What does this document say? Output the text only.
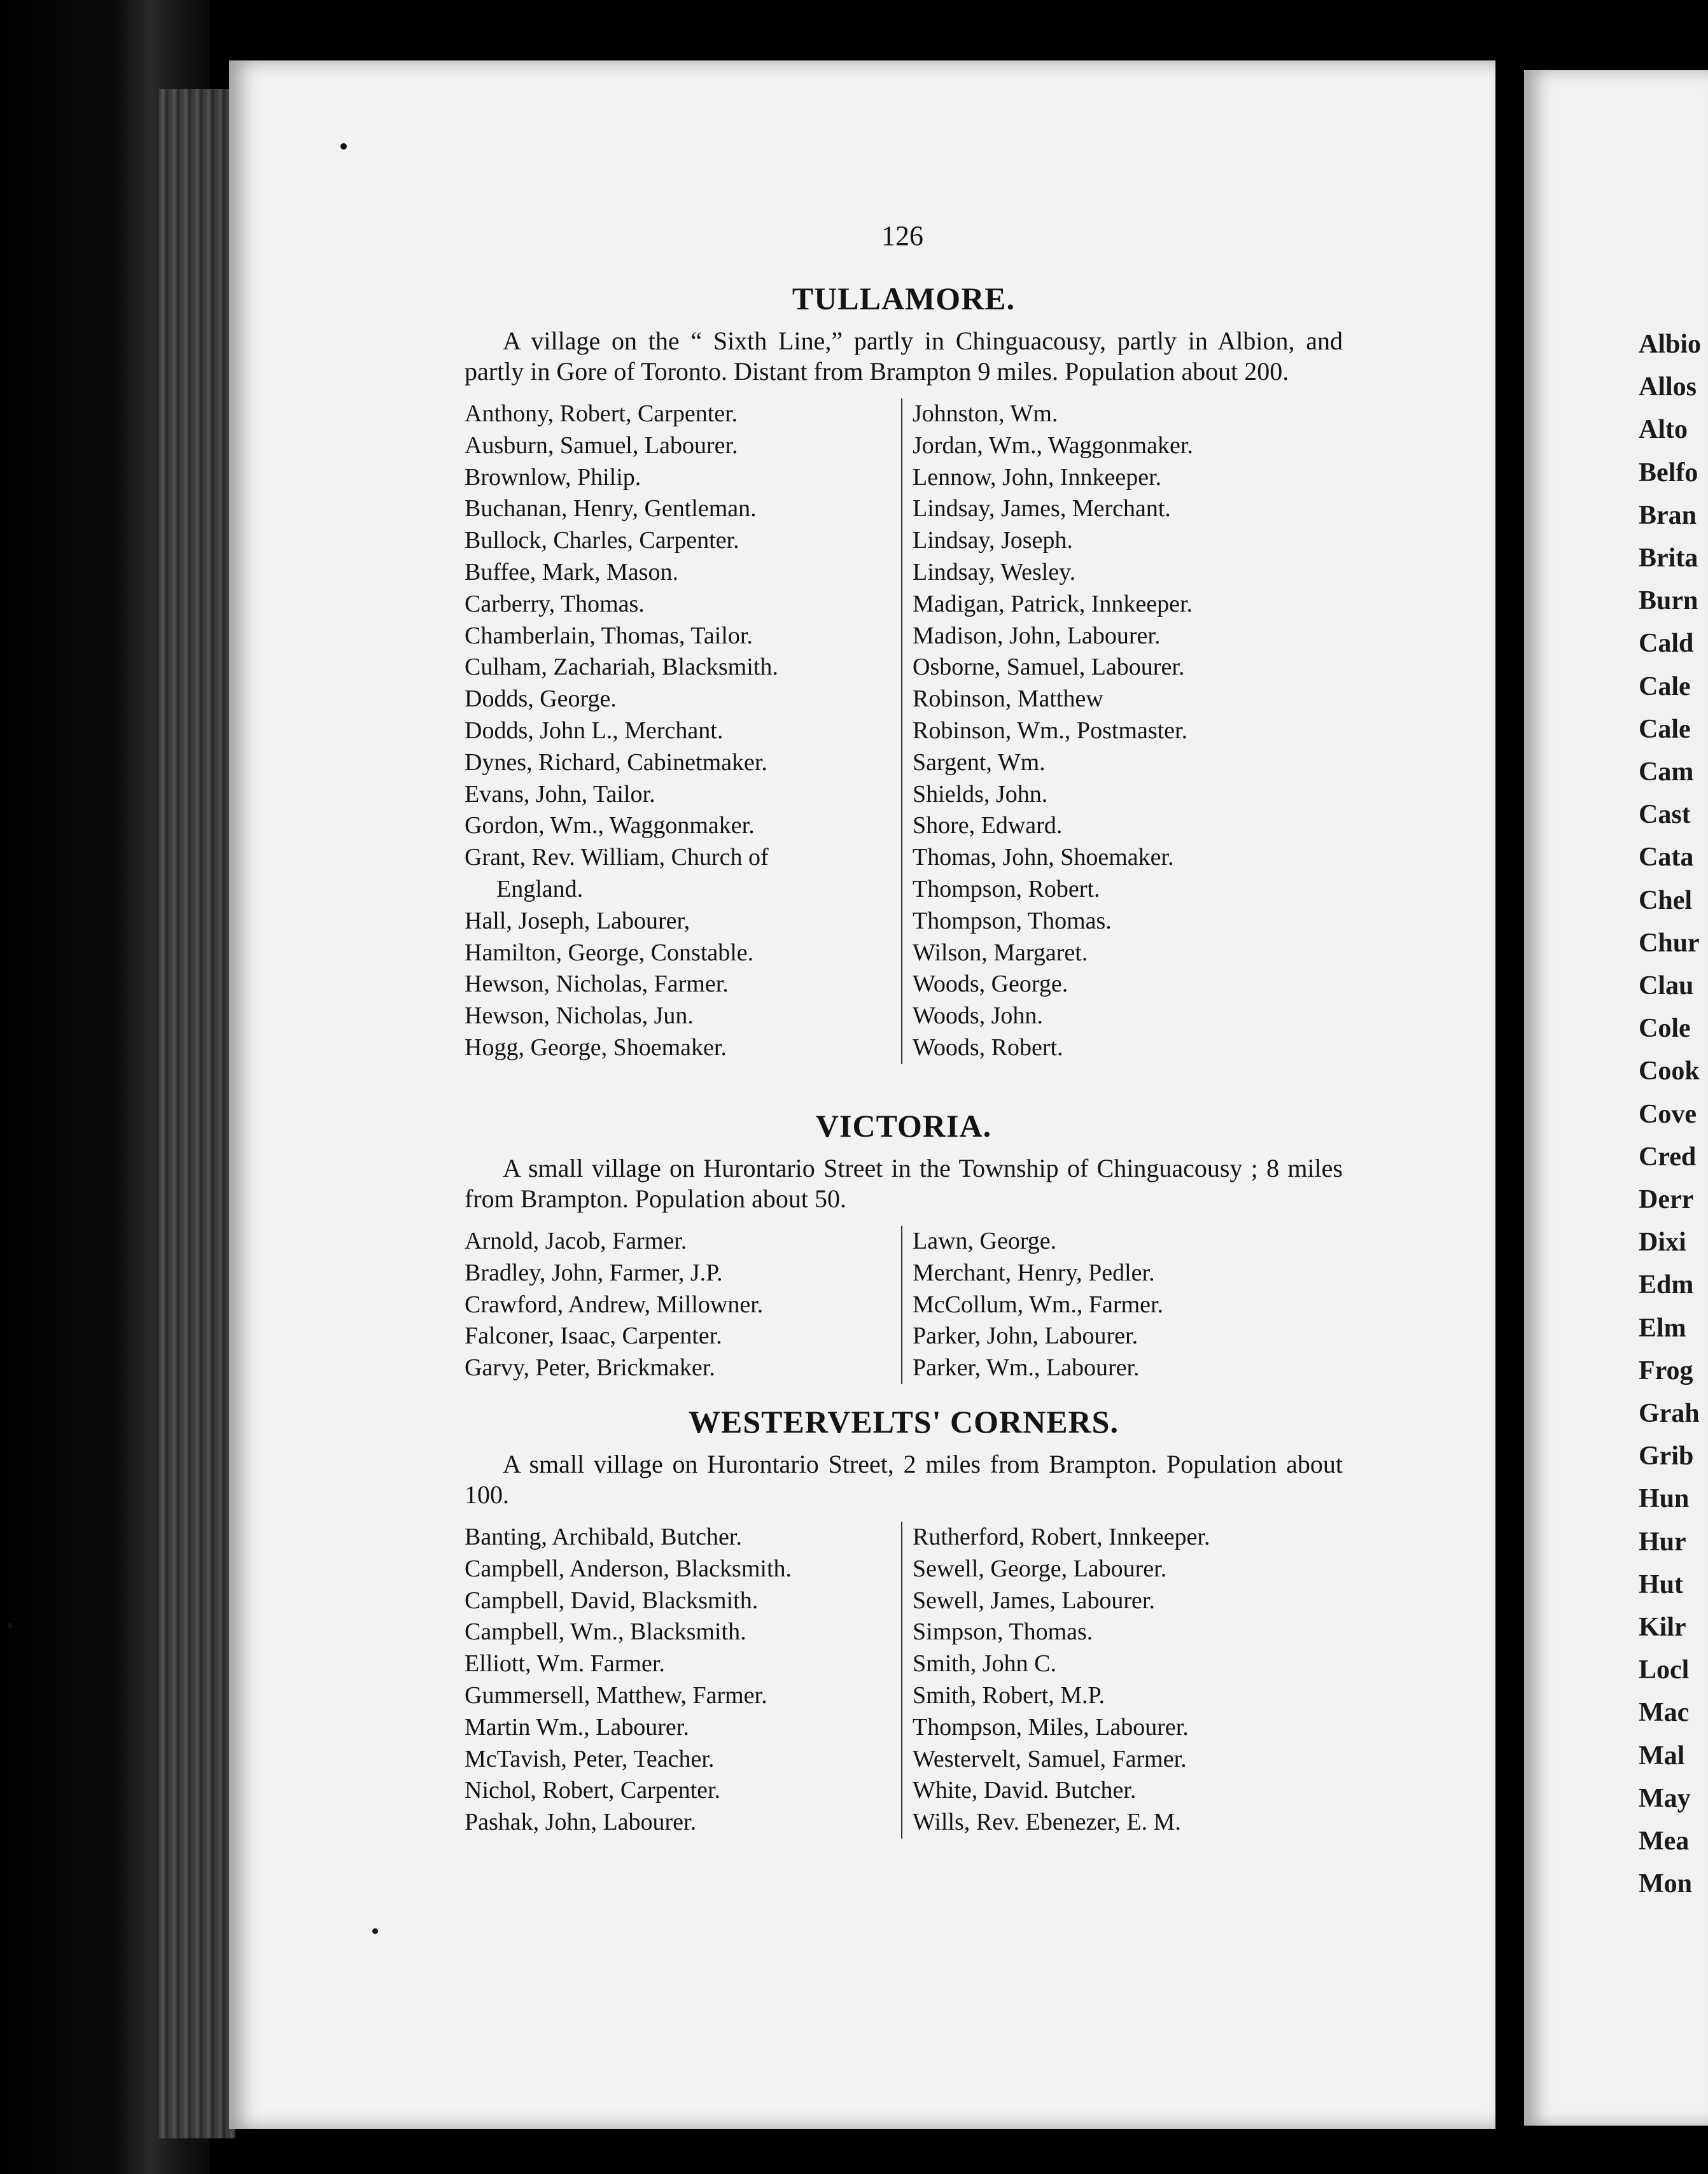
Albio
Allos
Alto
Belfo
Bran
Brita
Burn
Cald
Cale
Cale
Cam
Cast
Cata
Chel
Chur
Clau
Cole
Cook
Cove
Cred
Derr
Dixi
Edm
Elm
Frog
Grah
Grib
Hun
Hur
Hut
Kilr
Locl
Mac
Mal
May
Mea
Mon
126
TULLAMORE.

A village on the “ Sixth Line,” partly in Chinguacousy, partly in Albion, and partly in Gore of Toronto. Distant from Brampton 9 miles. Population about 200.

Anthony, Robert, Carpenter.
Ausburn, Samuel, Labourer.
Brownlow, Philip.
Buchanan, Henry, Gentleman.
Bullock, Charles, Carpenter.
Buffee, Mark, Mason.
Carberry, Thomas.
Chamberlain, Thomas, Tailor.
Culham, Zachariah, Blacksmith.
Dodds, George.
Dodds, John L., Merchant.
Dynes, Richard, Cabinetmaker.
Evans, John, Tailor.
Gordon, Wm., Waggonmaker.
Grant, Rev. William, Church of
England.
Hall, Joseph, Labourer,
Hamilton, George, Constable.
Hewson, Nicholas, Farmer.
Hewson, Nicholas, Jun.
Hogg, George, Shoemaker.
Johnston, Wm.
Jordan, Wm., Waggonmaker.
Lennow, John, Innkeeper.
Lindsay, James, Merchant.
Lindsay, Joseph.
Lindsay, Wesley.
Madigan, Patrick, Innkeeper.
Madison, John, Labourer.
Osborne, Samuel, Labourer.
Robinson, Matthew
Robinson, Wm., Postmaster.
Sargent, Wm.
Shields, John.
Shore, Edward.
Thomas, John, Shoemaker.
Thompson, Robert.
Thompson, Thomas.
Wilson, Margaret.
Woods, George.
Woods, John.
Woods, Robert.
VICTORIA.

A small village on Hurontario Street in the Township of Chinguacousy ; 8 miles from Brampton. Population about 50.

Arnold, Jacob, Farmer.
Bradley, John, Farmer, J.P.
Crawford, Andrew, Millowner.
Falconer, Isaac, Carpenter.
Garvy, Peter, Brickmaker.
Lawn, George.
Merchant, Henry, Pedler.
McCollum, Wm., Farmer.
Parker, John, Labourer.
Parker, Wm., Labourer.
WESTERVELTS' CORNERS.

A small village on Hurontario Street, 2 miles from Brampton. Population about 100.

Banting, Archibald, Butcher.
Campbell, Anderson, Blacksmith.
Campbell, David, Blacksmith.
Campbell, Wm., Blacksmith.
Elliott, Wm. Farmer.
Gummersell, Matthew, Farmer.
Martin Wm., Labourer.
McTavish, Peter, Teacher.
Nichol, Robert, Carpenter.
Pashak, John, Labourer.
Rutherford, Robert, Innkeeper.
Sewell, George, Labourer.
Sewell, James, Labourer.
Simpson, Thomas.
Smith, John C.
Smith, Robert, M.P.
Thompson, Miles, Labourer.
Westervelt, Samuel, Farmer.
White, David. Butcher.
Wills, Rev. Ebenezer, E. M.
